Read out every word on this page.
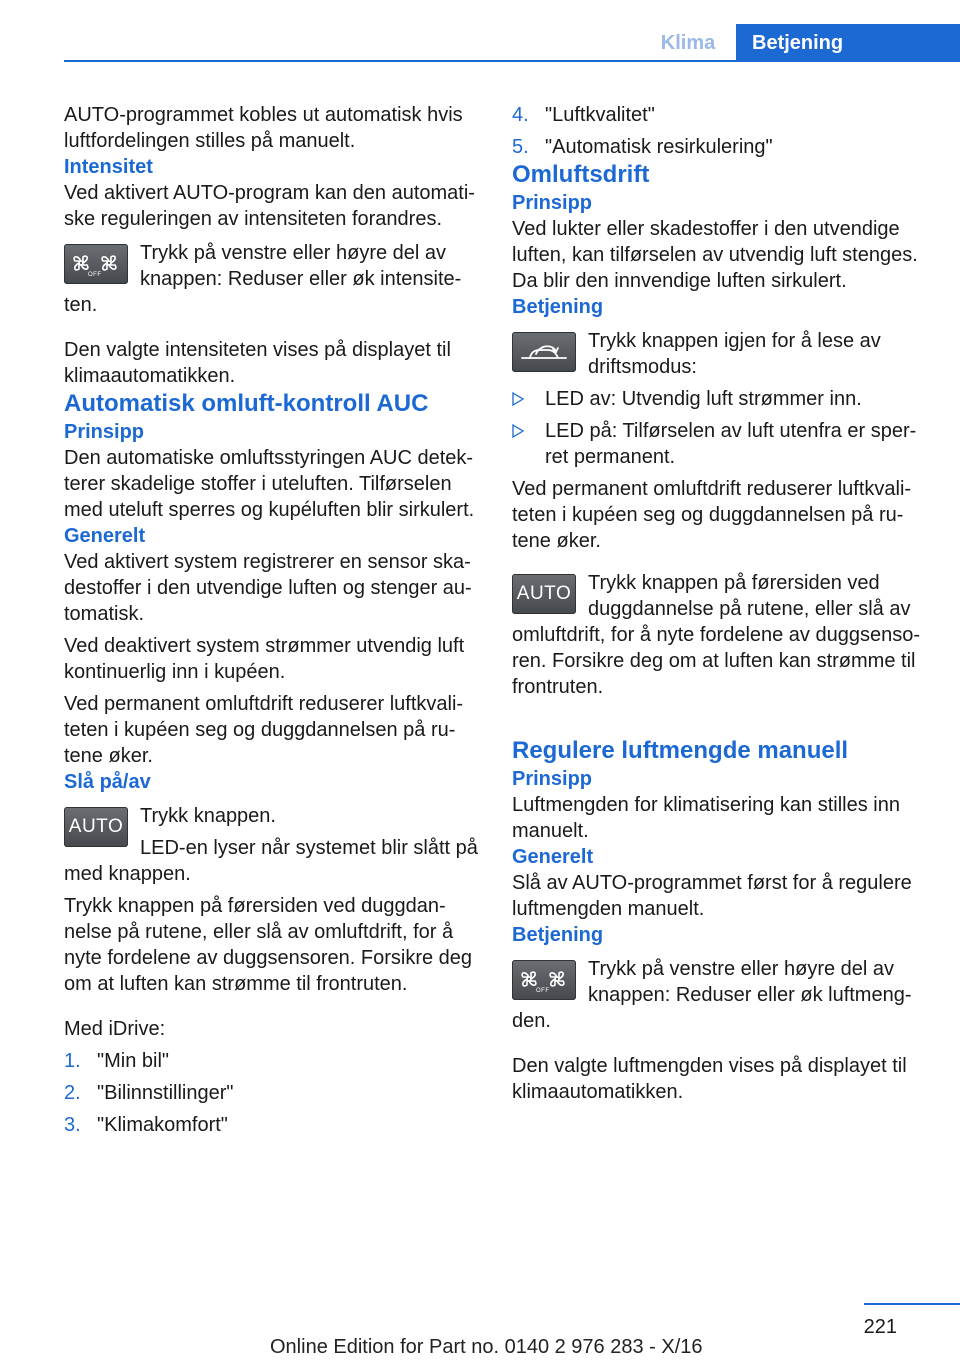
Klima	Betjening

AUTO-programmet kobles ut automatisk hvis luftfordelingen stilles på manuelt.

Intensitet

Ved aktivert AUTO-program kan den automatiske reguleringen av intensiteten forandres.

OFF

Trykk på venstre eller høyre del av knappen: Reduser eller øk intensiteten.

Den valgte intensiteten vises på displayet til klimaautomatikken.

Automatisk omluft-kontroll AUC

Prinsipp

Den automatiske omluftsstyringen AUC detekterer skadelige stoffer i uteluften. Tilførselen med uteluft sperres og kupéluften blir sirkulert.

Generelt

Ved aktivert system registrerer en sensor skadestoffer i den utvendige luften og stenger automatisk.

Ved deaktivert system strømmer utvendig luft kontinuerlig inn i kupéen.

Ved permanent omluftdrift reduserer luftkvaliteten i kupéen seg og duggdannelsen på rutene øker.

Slå på/av

AUTO Trykk knappen.

LED-en lyser når systemet blir slått på med knappen.

Trykk knappen på førersiden ved duggdannelse på rutene, eller slå av omluftdrift, for å nyte fordelene av duggsensoren. Forsikre deg om at luften kan strømme til frontruten.

Med iDrive:

1. "Min bil"
2. "Bilinnstillinger"
3. "Klimakomfort"
4. "Luftkvalitet"
5. "Automatisk resirkulering"

Omluftsdrift

Prinsipp

Ved lukter eller skadestoffer i den utvendige luften, kan tilførselen av utvendig luft stenges. Da blir den innvendige luften sirkulert.

Betjening

Trykk knappen igjen for å lese av driftsmodus:

LED av: Utvendig luft strømmer inn.
LED på: Tilførselen av luft utenfra er sperret permanent.

Ved permanent omluftdrift reduserer luftkvaliteten i kupéen seg og duggdannelsen på rutene øker.

AUTO Trykk knappen på førersiden ved duggdannelse på rutene, eller slå av omluftdrift, for å nyte fordelene av duggsensoren. Forsikre deg om at luften kan strømme til frontruten.

Regulere luftmengde manuell

Prinsipp

Luftmengden for klimatisering kan stilles inn manuelt.

Generelt

Slå av AUTO-programmet først for å regulere luftmengden manuelt.

Betjening

OFF

Trykk på venstre eller høyre del av knappen: Reduser eller øk luftmengden.

Den valgte luftmengden vises på displayet til klimaautomatikken.

221
Online Edition for Part no. 0140 2 976 283 - X/16
